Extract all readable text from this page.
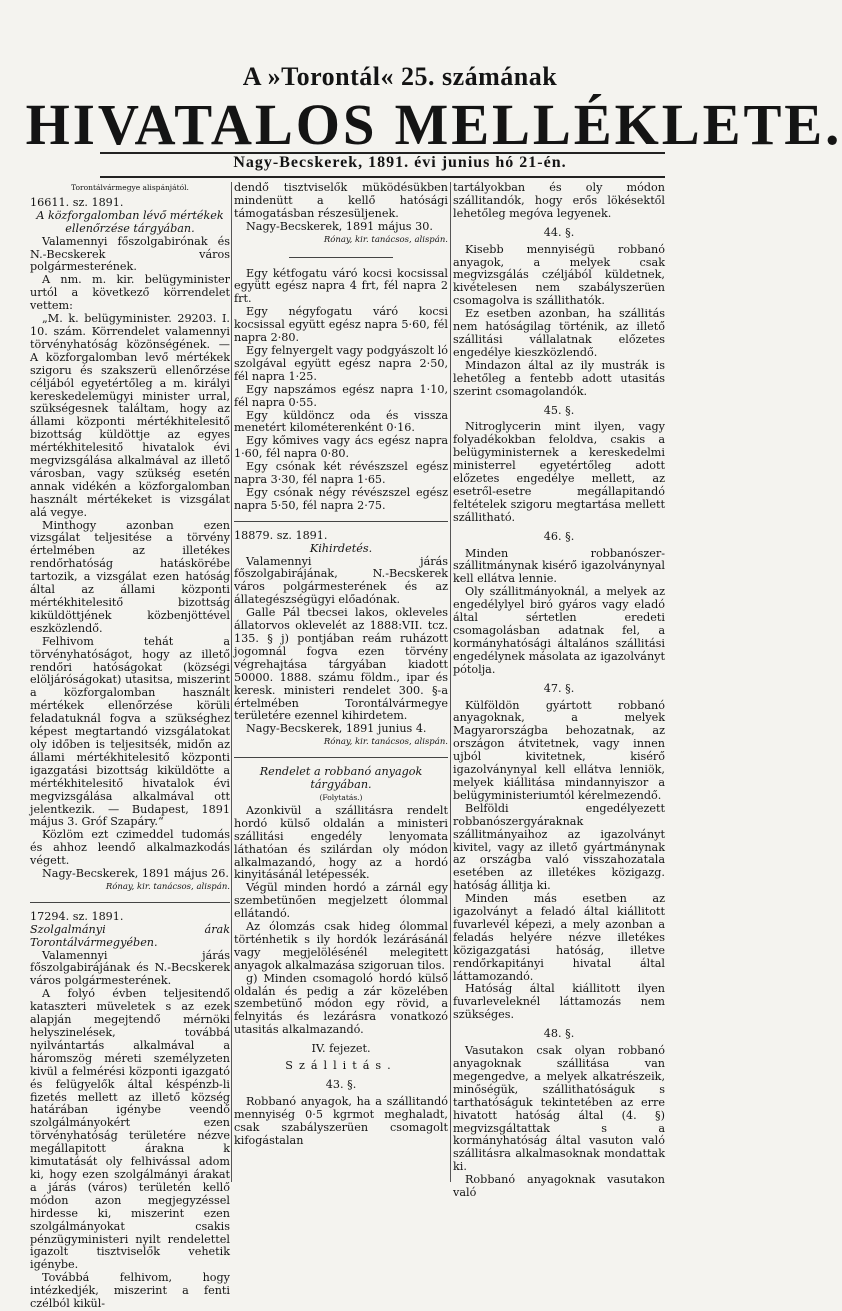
A »Torontál« 25. számának
HIVATALOS MELLÉKLETE.
Nagy-Becskerek, 1891. évi junius hó 21-én.

Torontálvármegye alispánjától.

16611. sz. 1891.

A közforgalomban lévő mértékek ellenőrzése tárgyában.

Valamennyi főszolgabirónak és N.-Becskerek város polgármesterének.

A nm. m. kir. belügyminister urtól a következő körrendelet vettem:

„M. k. belügyminister. 29203. I. 10. szám. Körrendelet valamennyi törvényhatóság közönségének. — A közforgalomban levő mértékek szigoru és szakszerü ellenőrzése céljából egyetértőleg a m. királyi kereskedelemügyi minister urral, szükségesnek találtam, hogy az állami központi mértékhitelesitő bizottság küldöttje az egyes mértékhitelesitő hivatalok évi megvizsgálása alkalmával az illető városban, vagy szükség esetén annak vidékén a közforgalomban használt mértékeket is vizsgálat alá vegye.

Minthogy azonban ezen vizsgálat teljesitése a törvény értelmében az illetékes rendőrhatóság hatáskörébe tartozik, a vizsgálat ezen hatóság által az állami központi mértékhitelesitő bizottság kiküldöttjének közbenjöttével eszközlendő.

Felhivom tehát a törvényhatóságot, hogy az illető rendőri hatóságokat (községi elöljáróságokat) utasitsa, miszerint a közforgalomban használt mértékek ellenőrzése körüli feladatuknál fogva a szükséghez képest megtartandó vizsgálatokat oly időben is teljesitsék, midőn az állami mértékhitelesitő központi igazgatási bizottság kiküldötte a mértékhitelesitő hivatalok évi megvizsgálása alkalmával ott jelentkezik. — Budapest, 1891 május 3. Gróf Szapáry.“

Közlöm ezt czimeddel tudomás és ahhoz leendő alkalmazkodás végett.

Nagy-Becskerek, 1891 május 26.

Rónay, kir. tanácsos, alispán.

17294. sz. 1891.

Szolgalmányi árak Torontálvármegyében.

Valamennyi járás főszolgabirájának és N.-Becskerek város polgármesterének.

A folyó évben teljesitendő kataszteri müveletek s az ezek alapján megejtendő mérnöki helyszinelések, továbbá nyilvántartás alkalmával a háromszög méreti személyzeten kivül a felmérési központi igazgató és felügyelők által késpénzb-li fizetés mellett az illető község határában igénybe veendő szolgálmányokért ezen törvényhatóság területére nézve megállapitott árakna k kimutatását oly felhivással adom ki, hogy ezen szolgálmányi árakat a járás (város) területén kellő módon azon megjegyzéssel hirdesse ki, miszerint ezen szolgálmányokat csakis pénzügyministeri nyilt rendelettel igazolt tisztviselők vehetik igénybe.

Továbbá felhivom, hogy intézkedjék, miszerint a fenti czélból kikül-

dendő tisztviselők müködésükben mindenütt a kellő hatósági támogatásban részesüljenek.

Nagy-Becskerek, 1891 május 30.

Rónay, kir. tanácsos, alispán.

Egy kétfogatu váró kocsi kocsissal együtt egész napra 4 frt, fél napra 2 frt.

Egy négyfogatu váró kocsi kocsissal együtt egész napra 5·60, fél napra 2·80.

Egy felnyergelt vagy podgyászolt ló szolgával együtt egész napra 2·50, fél napra 1·25.

Egy napszámos egész napra 1·10, fél napra 0·55.

Egy küldöncz oda és vissza menetért kilométerenként 0·16.

Egy kőmives vagy ács egész napra 1·60, fél napra 0·80.

Egy csónak két révészszel egész napra 3·30, fél napra 1·65.

Egy csónak négy révészszel egész napra 5·50, fél napra 2·75.

18879. sz. 1891.

Kihirdetés.

Valamennyi járás főszolgabirájának, N.-Becskerek város polgármesterének és az állategészségügyi előadónak.

Galle Pál tbecsei lakos, okleveles állatorvos oklevelét az 1888:VII. tcz. 135. § j) pontjában reám ruházott jogomnál fogva ezen törvény végrehajtása tárgyában kiadott 50000. 1888. számu földm., ipar és keresk. ministeri rendelet 300. §-a értelmében Torontálvármegye területére ezennel kihirdetem.

Nagy-Becskerek, 1891 junius 4.

Rónay, kir. tanácsos, alispán.

Rendelet a robbanó anyagok tárgyában.

(Folytatás.)

Azonkivül a szállitásra rendelt hordó külső oldalán a ministeri szállitási engedély lenyomata láthatóan és szilárdan oly módon alkalmazandó, hogy az a hordó kinyitásánál letépessék.

Végül minden hordó a zárnál egy szembetünően megjelzett ólommal ellátandó.

Az ólomzás csak hideg ólommal történhetik s ily hordók lezárásánál vagy megjelölésénél melegitett anyagok alkalmazása szigoruan tilos.

g) Minden csomagoló hordó külső oldalán és pedig a zár közelében szembetünő módon egy rövid, a felnyitás és lezárásra vonatkozó utasitás alkalmazandó.

IV. fejezet.

Szállitás.

43. §.

Robbanó anyagok, ha a szállitandó mennyiség 0·5 kgrmot meghaladt, csak szabályszerüen csomagolt kifogástalan

tartályokban és oly módon szállitandók, hogy erős lökésektől lehetőleg megóva legyenek.

44. §.

Kisebb mennyiségü robbanó anyagok, a melyek csak megvizsgálás czéljából küldetnek, kivételesen nem szabályszerüen csomagolva is szállithatók.

Ez esetben azonban, ha szállitás nem hatóságilag történik, az illető szállitási vállalatnak előzetes engedélye kieszközlendő.

Mindazon által az ily mustrák is lehetőleg a fentebb adott utasitás szerint csomagolandók.

45. §.

Nitroglycerin mint ilyen, vagy folyadékokban feloldva, csakis a belügyministernek a kereskedelmi ministerrel egyetértőleg adott előzetes engedélye mellett, az esetről-esetre megállapitandó feltételek szigoru megtartása mellett szállitható.

46. §.

Minden robbanószer-szállitmánynak kisérő igazolványnyal kell ellátva lennie.

Oly szállitmányoknál, a melyek az engedélylyel biró gyáros vagy eladó által sértetlen eredeti csomagolásban adatnak fel, a kormányhatósági általános szállitási engedélynek másolata az igazolványt pótolja.

47. §.

Külföldön gyártott robbanó anyagoknak, a melyek Magyarországba behozatnak, az országon átvitetnek, vagy innen ujból kivitetnek, kisérő igazolványnyal kell ellátva lenniök, melyek kiállitása mindannyiszor a belügyministeriumtól kérelmezendő.

Belföldi engedélyezett robbanószergyáraknak szállitmányaihoz az igazolványt kivitel, vagy az illető gyártmánynak az országba való visszahozatala esetében az illetékes közigazg. hatóság állitja ki.

Minden más esetben az igazolványt a feladó által kiállitott fuvarlevél képezi, a mely azonban a feladás helyére nézve illetékes közigazgatási hatóság, illetve rendőrkapitányi hivatal által láttamozandó.

Hatóság által kiállitott ilyen fuvarleveleknél láttamozás nem szükséges.

48. §.

Vasutakon csak olyan robbanó anyagoknak szállitása van megengedve, a melyek alkatrészeik, minőségük, szállithatóságuk s tarthatóságuk tekintetében az erre hivatott hatóság által (4. §) megvizsgáltattak s a kormányhatóság által vasuton való szállitásra alkalmasoknak mondattak ki.

Robbanó anyagoknak vasutakon való
